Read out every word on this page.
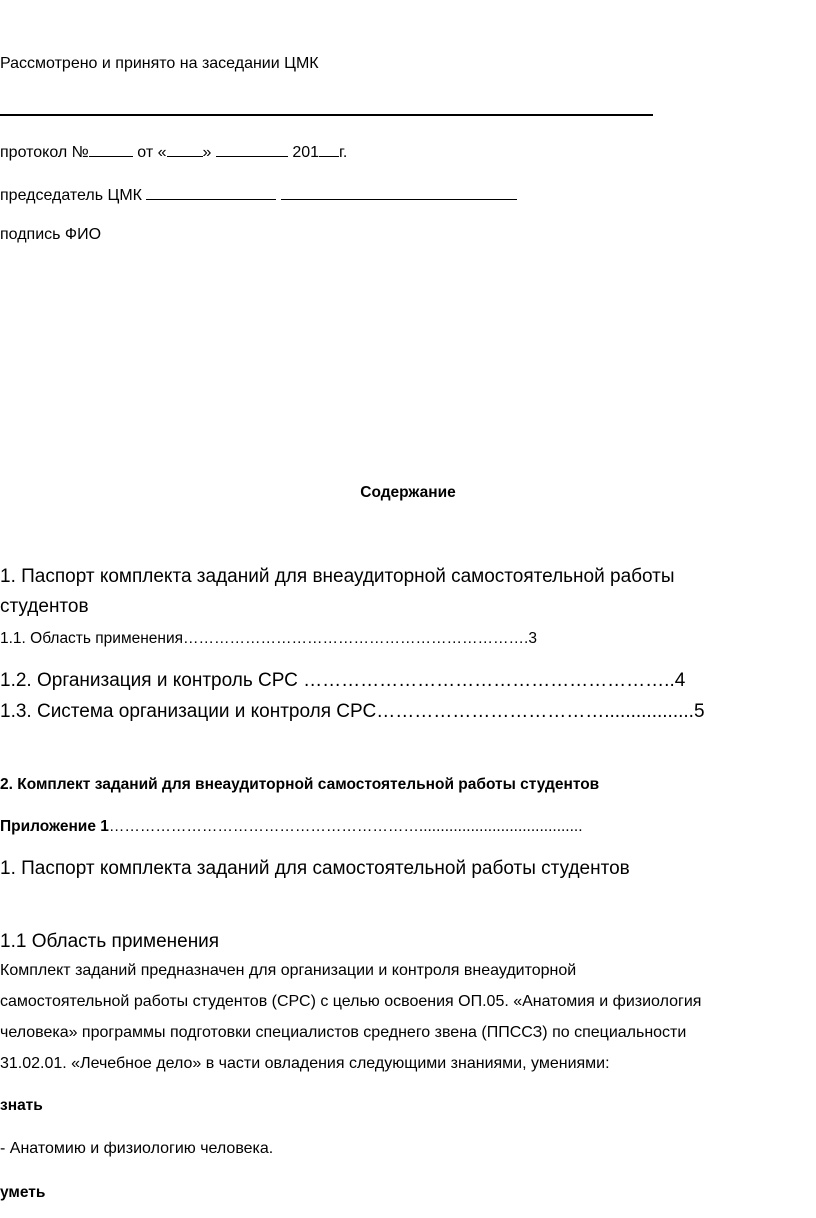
Рассмотрено и принято на заседании ЦМК

протокол №	от « »	201 г.

председатель ЦМК

подпись ФИО

Содержание

1. Паспорт комплекта заданий для внеаудиторной самостоятельной работы

студентов

1.1. Область применения………………………………………………………….3

1.2. Организация и контроль СРС …………………………………………………..4

1.3. Система организации и контроля СРС……………………………….................5

2. Комплект заданий для внеаудиторной самостоятельной работы студентов

Приложение 1……………………………………………………......................................

1. Паспорт комплекта заданий для самостоятельной работы студентов

1.1 Область применения

Комплект заданий предназначен для организации и контроля внеаудиторной

самостоятельной работы студентов (СРС) с целью освоения ОП.05. «Анатомия и физиология

человека» программы подготовки специалистов среднего звена (ППССЗ) по специальности

31.02.01. «Лечебное дело» в части овладения следующими знаниями, умениями:

знать

- Анатомию и физиологию человека.

уметь
